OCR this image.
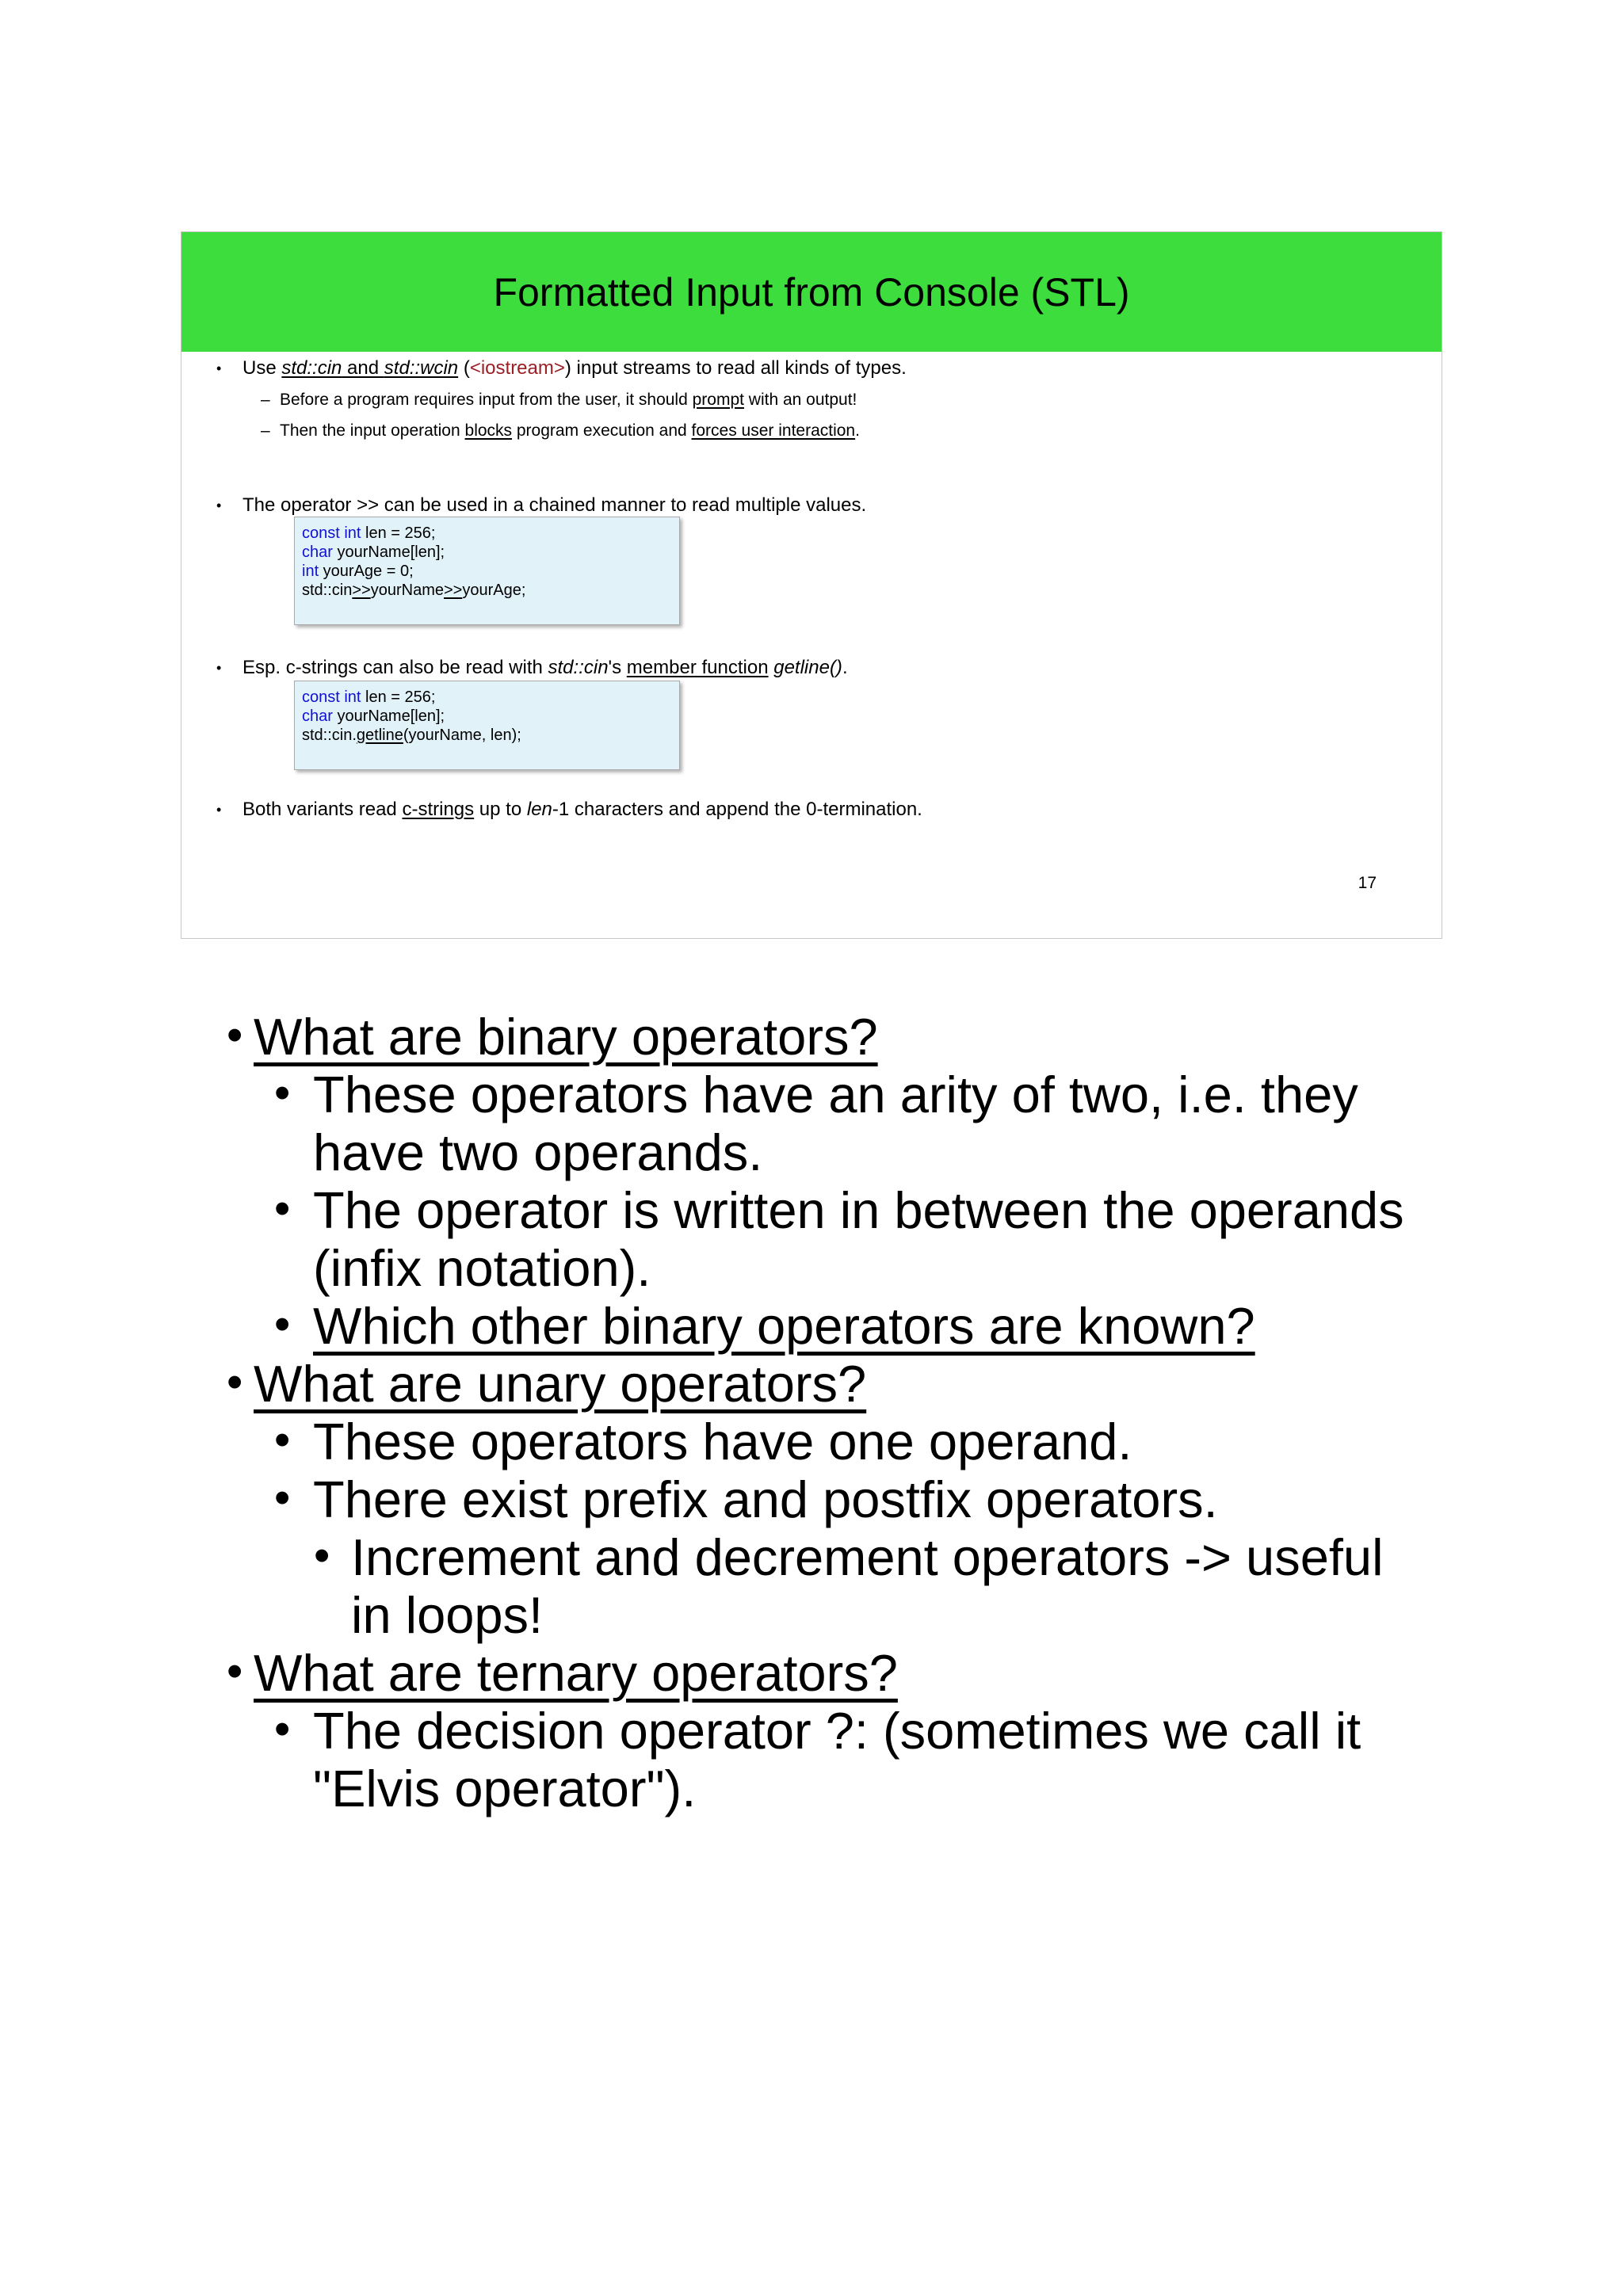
Formatted Input from Console (STL)
• Use std::cin and std::wcin (<iostream>) input streams to read all kinds of types.
– Before a program requires input from the user, it should prompt with an output!
– Then the input operation blocks program execution and forces user interaction.
• The operator >> can be used in a chained manner to read multiple values.
const int len = 256;
char yourName[len];
int yourAge = 0;
std::cin>>yourName>>yourAge;
• Esp. c-strings can also be read with std::cin's member function getline().
const int len = 256;
char yourName[len];
std::cin.getline(yourName, len);
• Both variants read c-strings up to len-1 characters and append the 0-termination.
17
• What are binary operators?
• These operators have an arity of two, i.e. they
have two operands.
• The operator is written in between the operands
(infix notation).
• Which other binary operators are known?
• What are unary operators?
• These operators have one operand.
• There exist prefix and postfix operators.
• Increment and decrement operators -> useful
in loops!
• What are ternary operators?
• The decision operator ?: (sometimes we call it
"Elvis operator").
